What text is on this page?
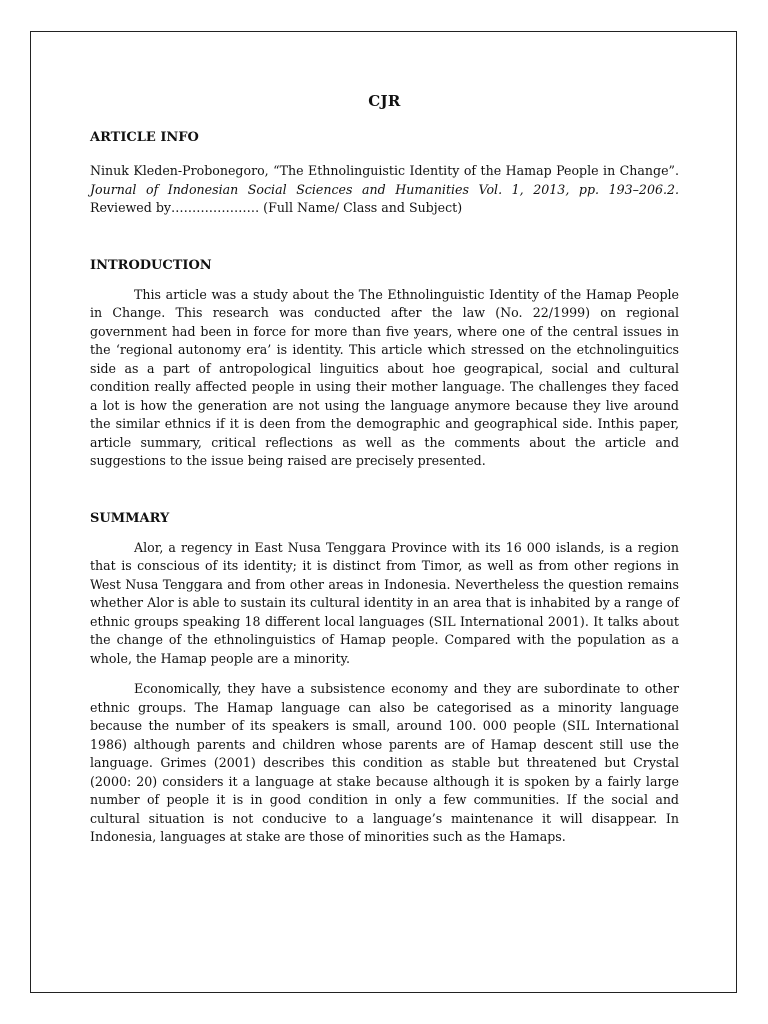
CJR
ARTICLE INFO
Ninuk Kleden-Probonegoro, “The Ethnolinguistic Identity of the Hamap People in Change”. Journal of Indonesian Social Sciences and Humanities Vol. 1, 2013, pp. 193–206.2. Reviewed by………………… (Full Name/ Class and Subject)
INTRODUCTION

This article was a study about the The Ethnolinguistic Identity of the Hamap People in Change. This research was conducted after the law (No. 22/1999) on regional government had been in force for more than five years, where one of the central issues in the ‘regional autonomy era’ is identity. This article which stressed on the etchnolinguitics side as a part of antropological linguitics about hoe geograpical, social and cultural condition really affected people in using their mother language. The challenges they faced a lot is how the generation are not using the language anymore because they live around the similar ethnics if it is deen from the demographic and geographical side. Inthis paper, article summary, critical reflections as well as the comments about the article and suggestions to the issue being raised are precisely presented.

SUMMARY

Alor, a regency in East Nusa Tenggara Province with its 16 000 islands, is a region that is conscious of its identity; it is distinct from Timor, as well as from other regions in West Nusa Tenggara and from other areas in Indonesia. Nevertheless the question remains whether Alor is able to sustain its cultural identity in an area that is inhabited by a range of ethnic groups speaking 18 different local languages (SIL International 2001). It talks about the change of the ethnolinguistics of Hamap people. Compared with the population as a whole, the Hamap people are a minority.

Economically, they have a subsistence economy and they are subordinate to other ethnic groups. The Hamap language can also be categorised as a minority language because the number of its speakers is small, around 100. 000 people (SIL International 1986) although parents and children whose parents are of Hamap descent still use the language. Grimes (2001) describes this condition as stable but threatened but Crystal (2000: 20) considers it a language at stake because although it is spoken by a fairly large number of people it is in good condition in only a few communities. If the social and cultural situation is not conducive to a language’s maintenance it will disappear. In Indonesia, languages at stake are those of minorities such as the Hamaps.
